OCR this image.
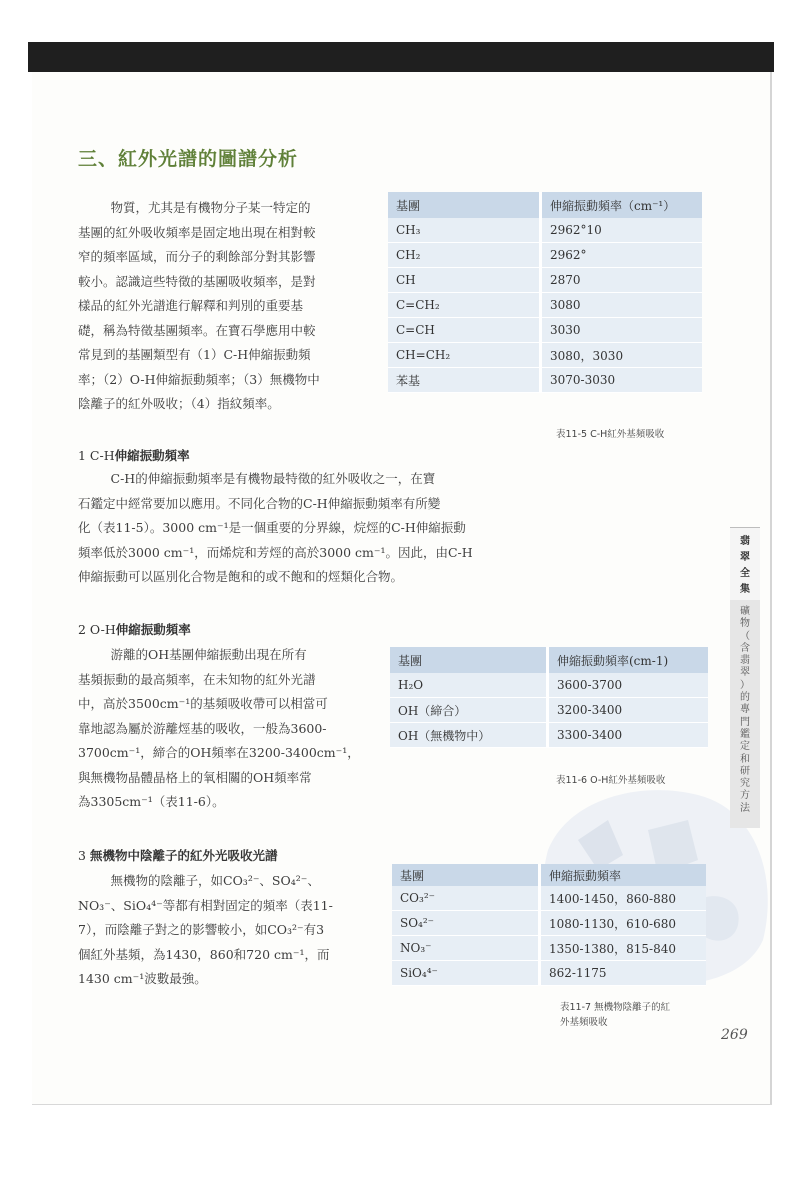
三、紅外光譜的圖譜分析

物質，尤其是有機物分子某一特定的

基團的紅外吸收頻率是固定地出現在相對較

窄的頻率區域，而分子的剩餘部分對其影響

較小。認識這些特徵的基團吸收頻率，是對

樣品的紅外光譜進行解釋和判別的重要基

礎，稱為特徵基團頻率。在寶石學應用中較

常見到的基團類型有（1）C-H伸縮振動頻

率；（2）O-H伸縮振動頻率；（3）無機物中

陰離子的紅外吸收；（4）指紋頻率。

基團	伸縮振動頻率（cm⁻¹）
CH₃	2962°10
CH₂	2962°
CH	2870
C=CH₂	3080
C=CH	3030
CH=CH₂	3080，3030
苯基	3070-3030
表11-5 C-H紅外基頻吸收
1 C-H伸縮振動頻率

C-H的伸縮振動頻率是有機物最特徵的紅外吸收之一，在寶

石鑑定中經常要加以應用。不同化合物的C-H伸縮振動頻率有所變

化（表11-5）。3000 cm⁻¹是一個重要的分界線，烷烴的C-H伸縮振動

頻率低於3000 cm⁻¹，而烯烷和芳烴的高於3000 cm⁻¹。因此，由C-H

伸縮振動可以區別化合物是飽和的或不飽和的烴類化合物。

2 O-H伸縮振動頻率

游離的OH基團伸縮振動出現在所有

基頻振動的最高頻率，在未知物的紅外光譜

中，高於3500cm⁻¹的基頻吸收帶可以相當可

靠地認為屬於游離烴基的吸收，一般為3600-

3700cm⁻¹，締合的OH頻率在3200-3400cm⁻¹，

與無機物晶體晶格上的氧相關的OH頻率常

為3305cm⁻¹（表11-6）。

基團	伸縮振動頻率(cm-1)
H₂O	3600-3700
OH（締合）	3200-3400
OH（無機物中）	3300-3400
表11-6 O-H紅外基頻吸收
3 無機物中陰離子的紅外光吸收光譜

無機物的陰離子，如CO₃²⁻、SO₄²⁻、

NO₃⁻、SiO₄⁴⁻等都有相對固定的頻率（表11-

7），而陰離子對之的影響較小，如CO₃²⁻有3

個紅外基頻，為1430，860和720 cm⁻¹，而

1430 cm⁻¹波數最強。

基團	伸縮振動頻率
CO₃²⁻	1400-1450，860-880
SO₄²⁻	1080-1130，610-680
NO₃⁻	1350-1380，815-840
SiO₄⁴⁻	862-1175
表11-7 無機物陰離子的紅
外基頻吸收
翡
翠
全
集
礦
物
（
含
翡
翠
）
的
專
門
鑑
定
和
研
究
方
法
269
